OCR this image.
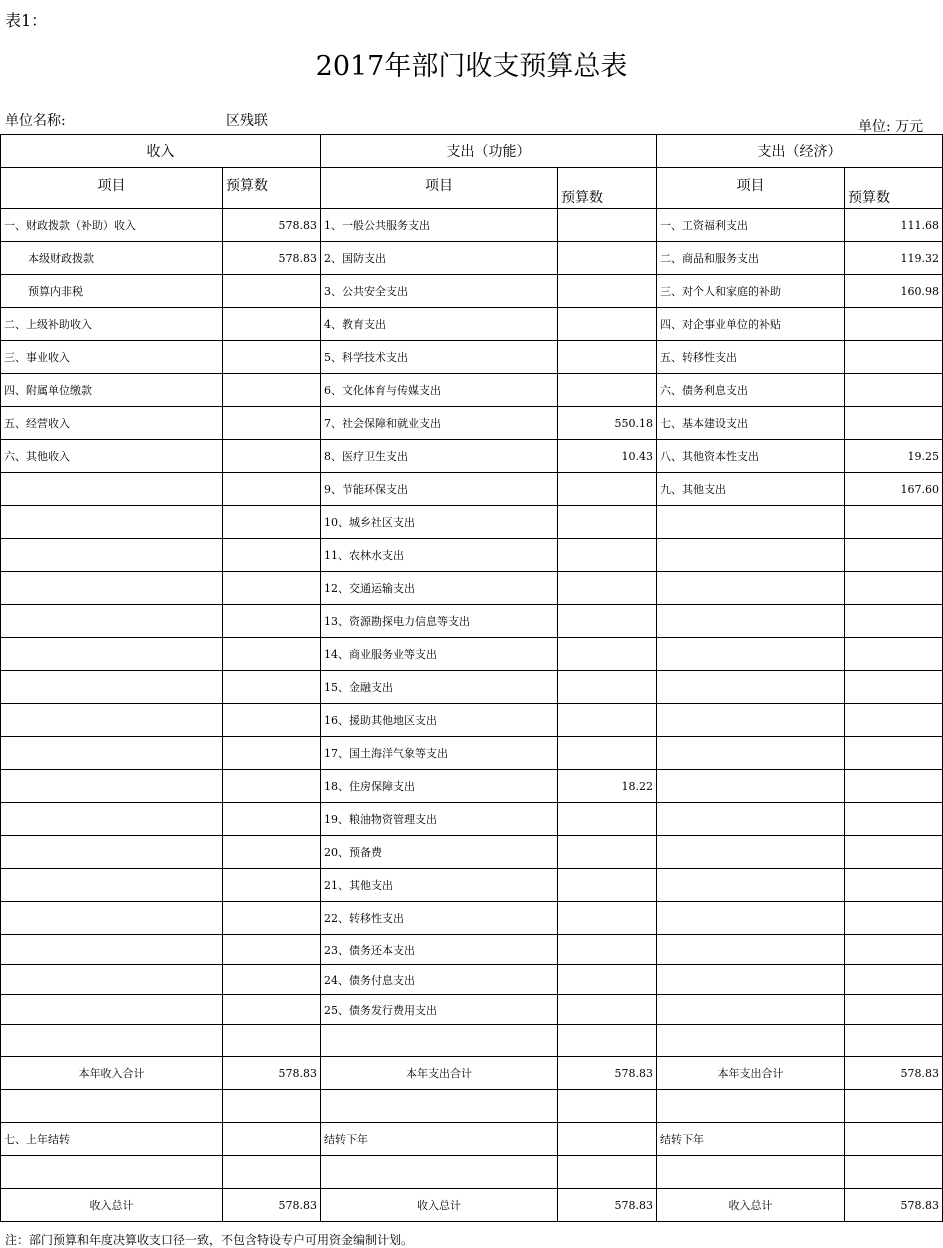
表1：
2017年部门收支预算总表
单位名称:	区残联	单位: 万元
收入		支出（功能）		支出（经济）	
项目	预算数	项目	预算数	项目	预算数
一、财政拨款（补助）收入	578.83	1、一般公共服务支出		一、工资福利支出	111.68
本级财政拨款	578.83	2、国防支出		二、商品和服务支出	119.32
预算内非税		3、公共安全支出		三、对个人和家庭的补助	160.98
二、上级补助收入		4、教育支出		四、对企事业单位的补贴	
三、事业收入		5、科学技术支出		五、转移性支出	
四、附属单位缴款		6、文化体育与传媒支出		六、债务利息支出	
五、经营收入		7、社会保障和就业支出	550.18	七、基本建设支出	
六、其他收入		8、医疗卫生支出	10.43	八、其他资本性支出	19.25
		9、节能环保支出		九、其他支出	167.60
		10、城乡社区支出			
		11、农林水支出			
		12、交通运输支出			
		13、资源勘探电力信息等支出			
		14、商业服务业等支出			
		15、金融支出			
		16、援助其他地区支出			
		17、国土海洋气象等支出			
		18、住房保障支出	18.22		
		19、粮油物资管理支出			
		20、预备费			
		21、其他支出			
		22、转移性支出			
		23、债务还本支出			
		24、债务付息支出			
		25、债务发行费用支出			

本年收入合计	578.83	本年支出合计	578.83	本年支出合计	578.83

七、上年结转		结转下年		结转下年	

收入总计	578.83	收入总计	578.83	收入总计	578.83
注：部门预算和年度决算收支口径一致，不包含特设专户可用资金编制计划。
